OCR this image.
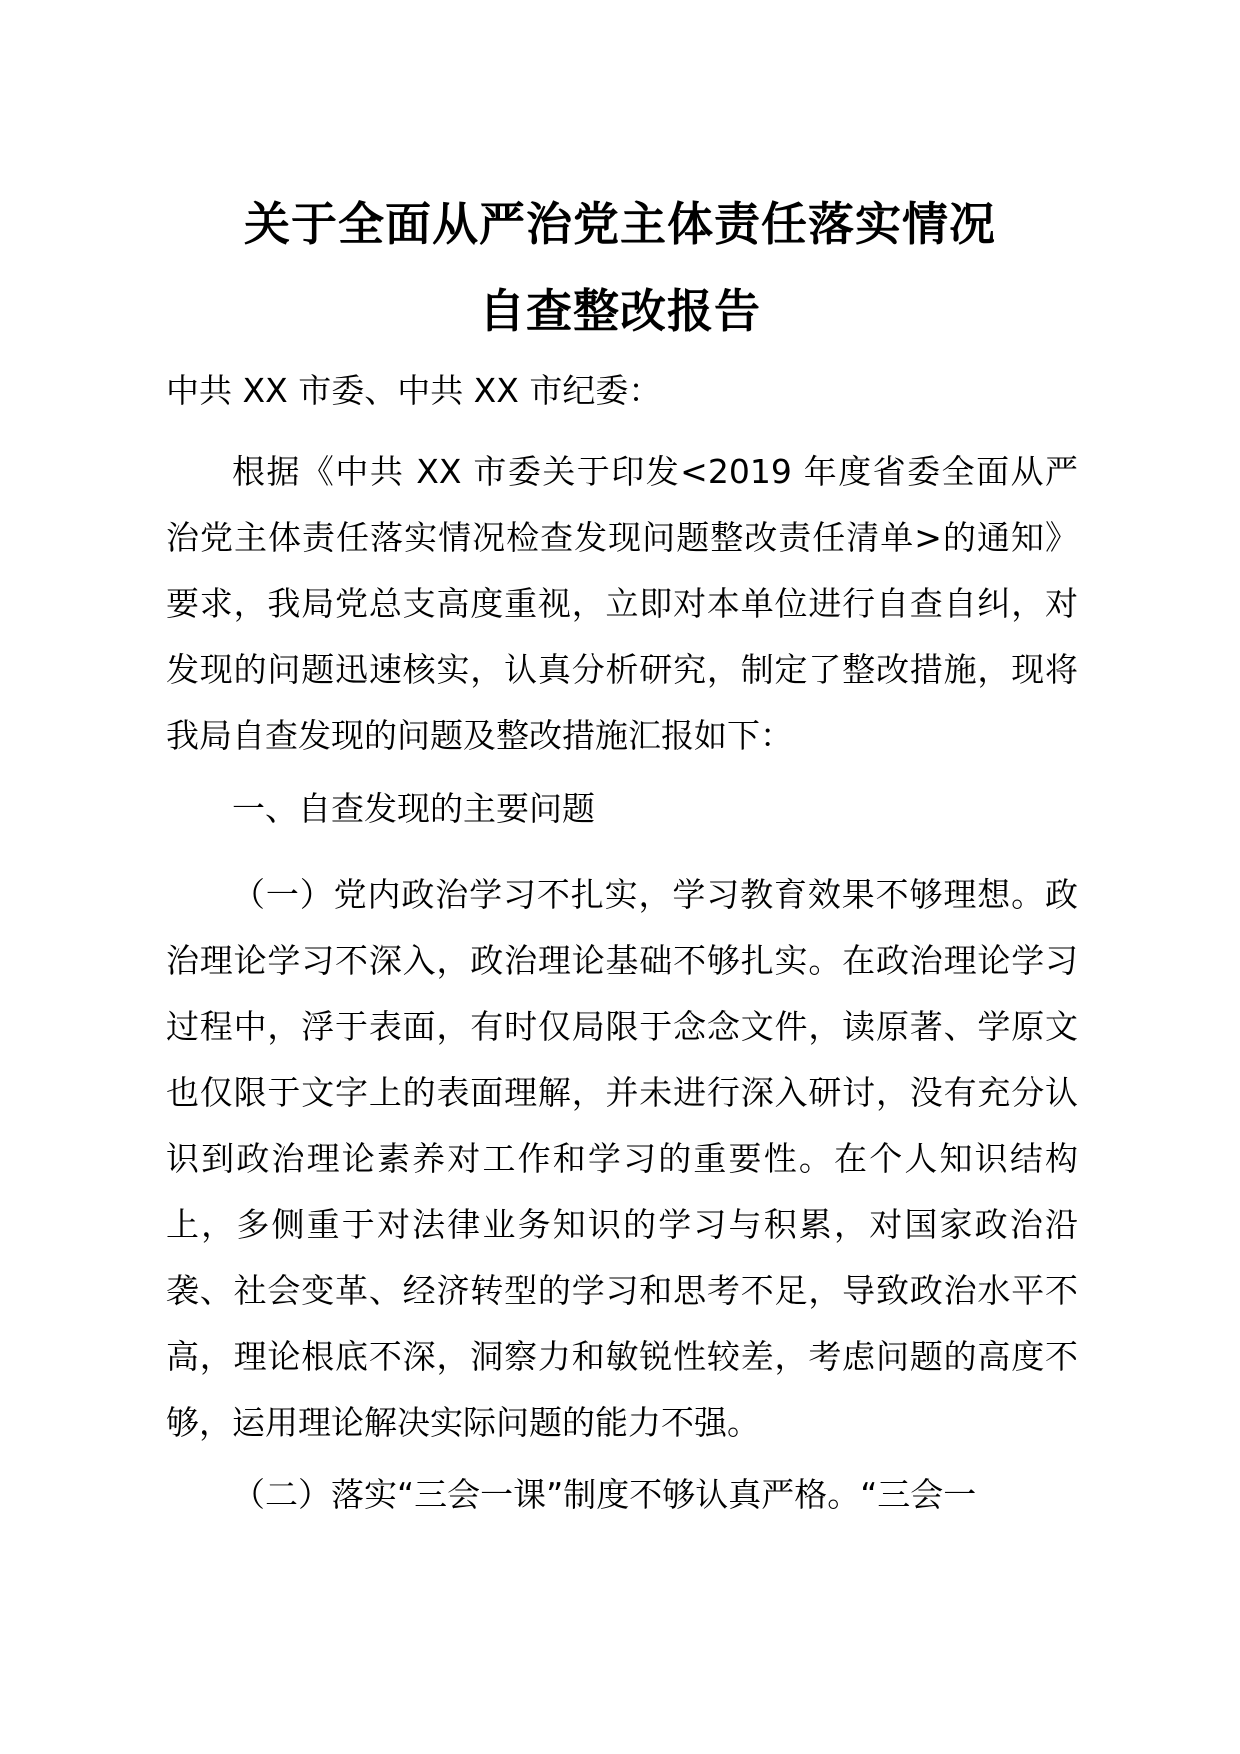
关于全面从严治党主体责任落实情况
自查整改报告

中共 XX 市委、中共 XX 市纪委：

根据《中共 XX 市委关于印发<2019 年度省委全面从严治党主体责任落实情况检查发现问题整改责任清单>的通知》要求，我局党总支高度重视，立即对本单位进行自查自纠，对发现的问题迅速核实，认真分析研究，制定了整改措施，现将我局自查发现的问题及整改措施汇报如下：

一、自查发现的主要问题

（一）党内政治学习不扎实，学习教育效果不够理想。政治理论学习不深入，政治理论基础不够扎实。在政治理论学习过程中，浮于表面，有时仅局限于念念文件，读原著、学原文也仅限于文字上的表面理解，并未进行深入研讨，没有充分认识到政治理论素养对工作和学习的重要性。在个人知识结构上，多侧重于对法律业务知识的学习与积累，对国家政治沿袭、社会变革、经济转型的学习和思考不足，导致政治水平不高，理论根底不深，洞察力和敏锐性较差，考虑问题的高度不够，运用理论解决实际问题的能力不强。

（二）落实“三会一课”制度不够认真严格。“三会一
